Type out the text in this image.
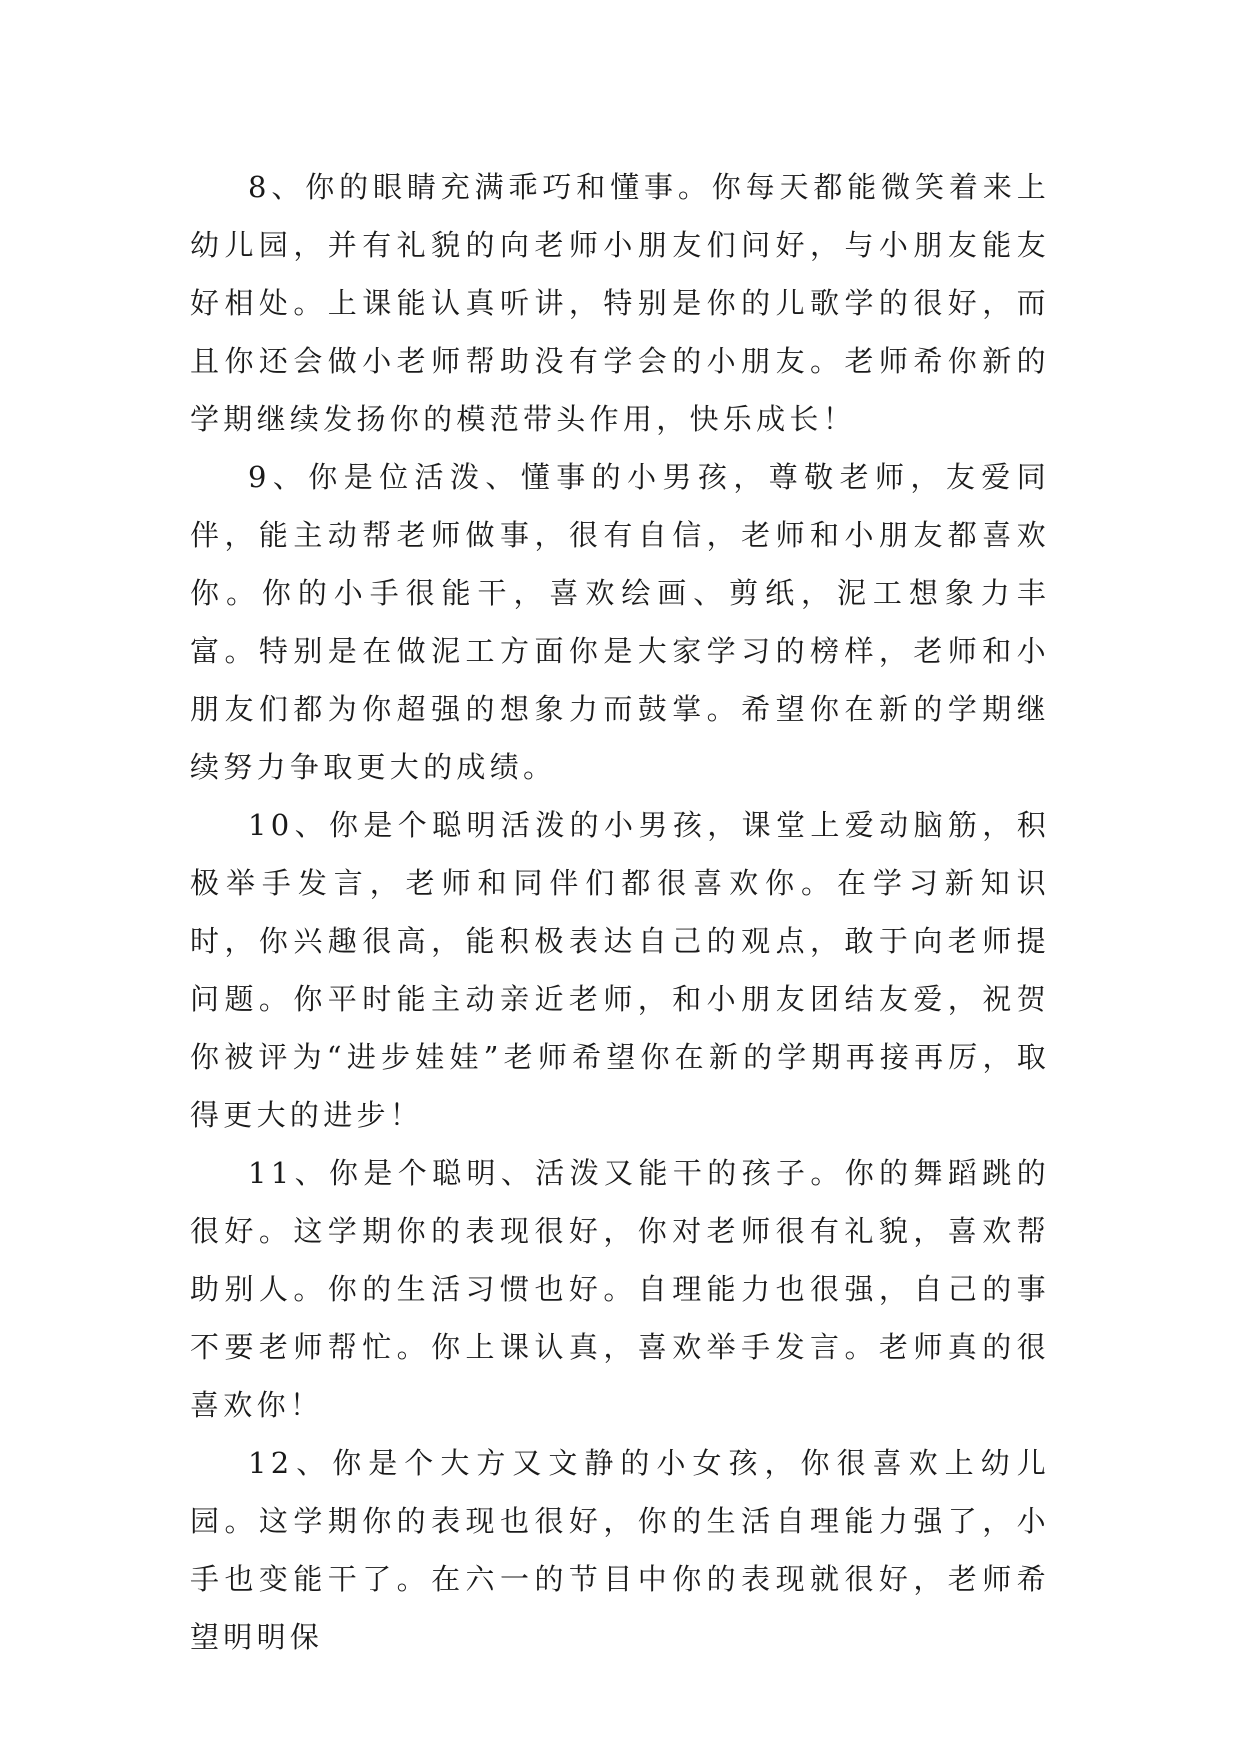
8、你的眼睛充满乖巧和懂事。你每天都能微笑着来上幼儿园，并有礼貌的向老师小朋友们问好，与小朋友能友好相处。上课能认真听讲，特别是你的儿歌学的很好，而且你还会做小老师帮助没有学会的小朋友。老师希你新的学期继续发扬你的模范带头作用，快乐成长！

9、你是位活泼、懂事的小男孩，尊敬老师，友爱同伴，能主动帮老师做事，很有自信，老师和小朋友都喜欢你。你的小手很能干，喜欢绘画、剪纸，泥工想象力丰富。特别是在做泥工方面你是大家学习的榜样，老师和小朋友们都为你超强的想象力而鼓掌。希望你在新的学期继续努力争取更大的成绩。

10、你是个聪明活泼的小男孩，课堂上爱动脑筋，积极举手发言，老师和同伴们都很喜欢你。在学习新知识时，你兴趣很高，能积极表达自己的观点，敢于向老师提问题。你平时能主动亲近老师，和小朋友团结友爱，祝贺你被评为“进步娃娃”老师希望你在新的学期再接再厉，取得更大的进步！

11、你是个聪明、活泼又能干的孩子。你的舞蹈跳的很好。这学期你的表现很好，你对老师很有礼貌，喜欢帮助别人。你的生活习惯也好。自理能力也很强，自己的事不要老师帮忙。你上课认真，喜欢举手发言。老师真的很喜欢你！

12、你是个大方又文静的小女孩，你很喜欢上幼儿园。这学期你的表现也很好，你的生活自理能力强了，小手也变能干了。在六一的节目中你的表现就很好，老师希望明明保
